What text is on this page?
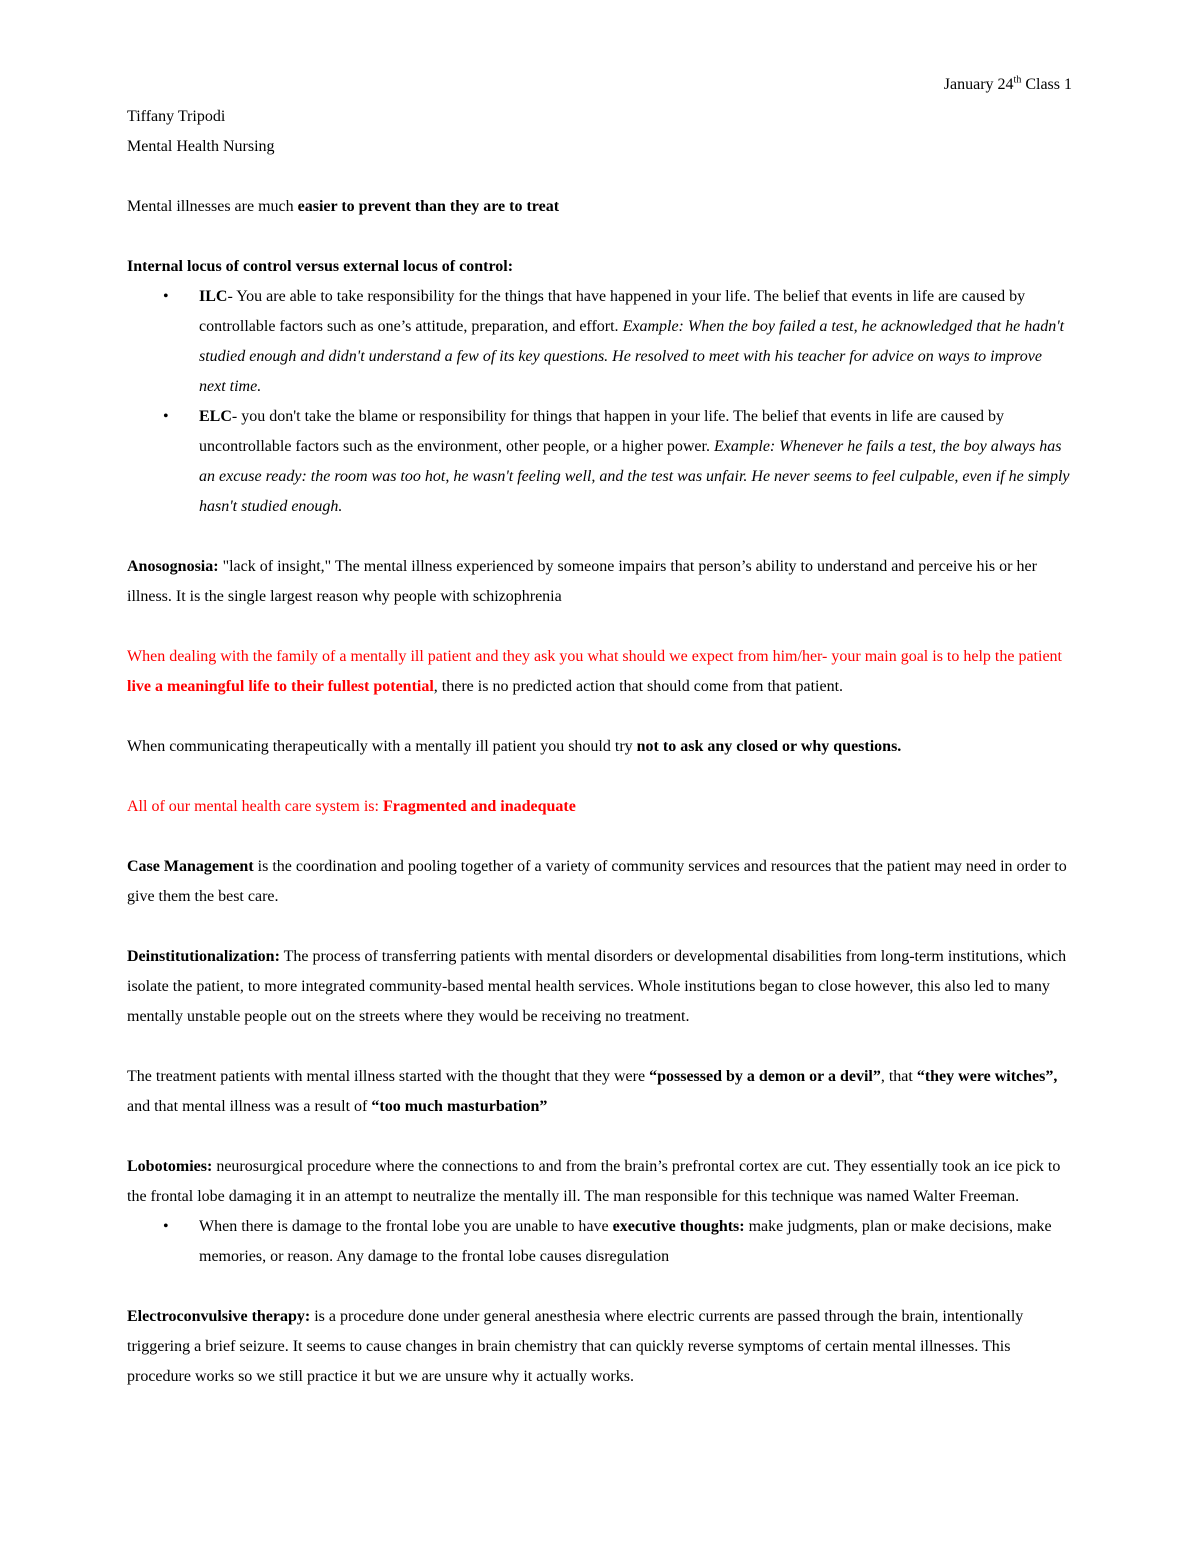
January 24th Class 1

Tiffany Tripodi

Mental Health Nursing

Mental illnesses are much easier to prevent than they are to treat

Internal locus of control versus external locus of control:

• ILC- You are able to take responsibility for the things that have happened in your life. The belief that events in life are caused by controllable factors such as one’s attitude, preparation, and effort. Example: When the boy failed a test, he acknowledged that he hadn't studied enough and didn't understand a few of its key questions. He resolved to meet with his teacher for advice on ways to improve next time.
• ELC- you don't take the blame or responsibility for things that happen in your life. The belief that events in life are caused by uncontrollable factors such as the environment, other people, or a higher power. Example: Whenever he fails a test, the boy always has an excuse ready: the room was too hot, he wasn't feeling well, and the test was unfair. He never seems to feel culpable, even if he simply hasn't studied enough.

Anosognosia: "lack of insight," The mental illness experienced by someone impairs that person’s ability to understand and perceive his or her illness. It is the single largest reason why people with schizophrenia

When dealing with the family of a mentally ill patient and they ask you what should we expect from him/her- your main goal is to help the patient live a meaningful life to their fullest potential, there is no predicted action that should come from that patient.

When communicating therapeutically with a mentally ill patient you should try not to ask any closed or why questions.

All of our mental health care system is: Fragmented and inadequate

Case Management is the coordination and pooling together of a variety of community services and resources that the patient may need in order to give them the best care.

Deinstitutionalization: The process of transferring patients with mental disorders or developmental disabilities from long-term institutions, which isolate the patient, to more integrated community-based mental health services. Whole institutions began to close however, this also led to many mentally unstable people out on the streets where they would be receiving no treatment.

The treatment patients with mental illness started with the thought that they were “possessed by a demon or a devil”, that “they were witches”, and that mental illness was a result of “too much masturbation”

Lobotomies: neurosurgical procedure where the connections to and from the brain’s prefrontal cortex are cut. They essentially took an ice pick to the frontal lobe damaging it in an attempt to neutralize the mentally ill. The man responsible for this technique was named Walter Freeman.

• When there is damage to the frontal lobe you are unable to have executive thoughts: make judgments, plan or make decisions, make memories, or reason. Any damage to the frontal lobe causes disregulation

Electroconvulsive therapy: is a procedure done under general anesthesia where electric currents are passed through the brain, intentionally triggering a brief seizure. It seems to cause changes in brain chemistry that can quickly reverse symptoms of certain mental illnesses. This procedure works so we still practice it but we are unsure why it actually works.
